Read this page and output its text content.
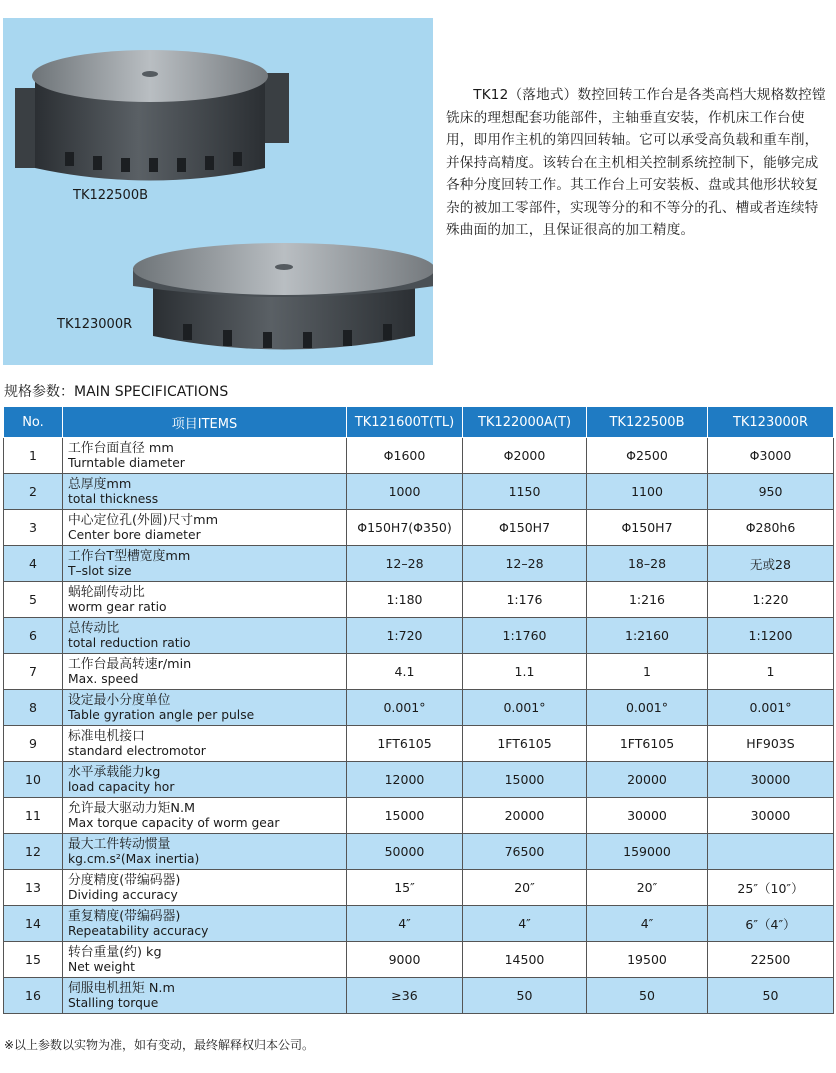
TK122500B
TK123000R

TK12（落地式）数控回转工作台是各类高档大规格数控镗铣床的理想配套功能部件，主轴垂直安装，作机床工作台使用，即用作主机的第四回转轴。它可以承受高负载和重车削，并保持高精度。该转台在主机相关控制系统控制下，能够完成各种分度回转工作。其工作台上可安装板、盘或其他形状较复杂的被加工零部件，实现等分的和不等分的孔、槽或者连续特殊曲面的加工，且保证很高的加工精度。

规格参数：MAIN SPECIFICATIONS
No.	项目ITEMS	TK121600T(TL)	TK122000A(T)	TK122500B	TK123000R
1	工作台面直径 mm
Turntable diameter	Φ1600	Φ2000	Φ2500	Φ3000
2	总厚度mm
total thickness	1000	1150	1100	950
3	中心定位孔(外圆)尺寸mm
Center bore diameter	Φ150H7(Φ350)	Φ150H7	Φ150H7	Φ280h6
4	工作台T型槽宽度mm
T–slot size	12–28	12–28	18–28	无或28
5	蜗轮副传动比
worm gear ratio	1:180	1:176	1:216	1:220
6	总传动比
total reduction ratio	1:720	1:1760	1:2160	1:1200
7	工作台最高转速r/min
Max. speed	4.1	1.1	1	1
8	设定最小分度单位
Table gyration angle per pulse	0.001°	0.001°	0.001°	0.001°
9	标准电机接口
standard electromotor	1FT6105	1FT6105	1FT6105	HF903S
10	水平承载能力kg
load capacity hor	12000	15000	20000	30000
11	允许最大驱动力矩N.M
Max torque capacity of worm gear	15000	20000	30000	30000
12	最大工件转动惯量
kg.cm.s²(Max inertia)	50000	76500	159000	
13	分度精度(带编码器)
Dividing accuracy	15″	20″	20″	25″（10″）
14	重复精度(带编码器)
Repeatability accuracy	4″	4″	4″	6″（4″）
15	转台重量(约) kg
Net weight	9000	14500	19500	22500
16	伺服电机扭矩 N.m
Stalling torque	≥36	50	50	50
※以上参数以实物为准，如有变动，最终解释权归本公司。
